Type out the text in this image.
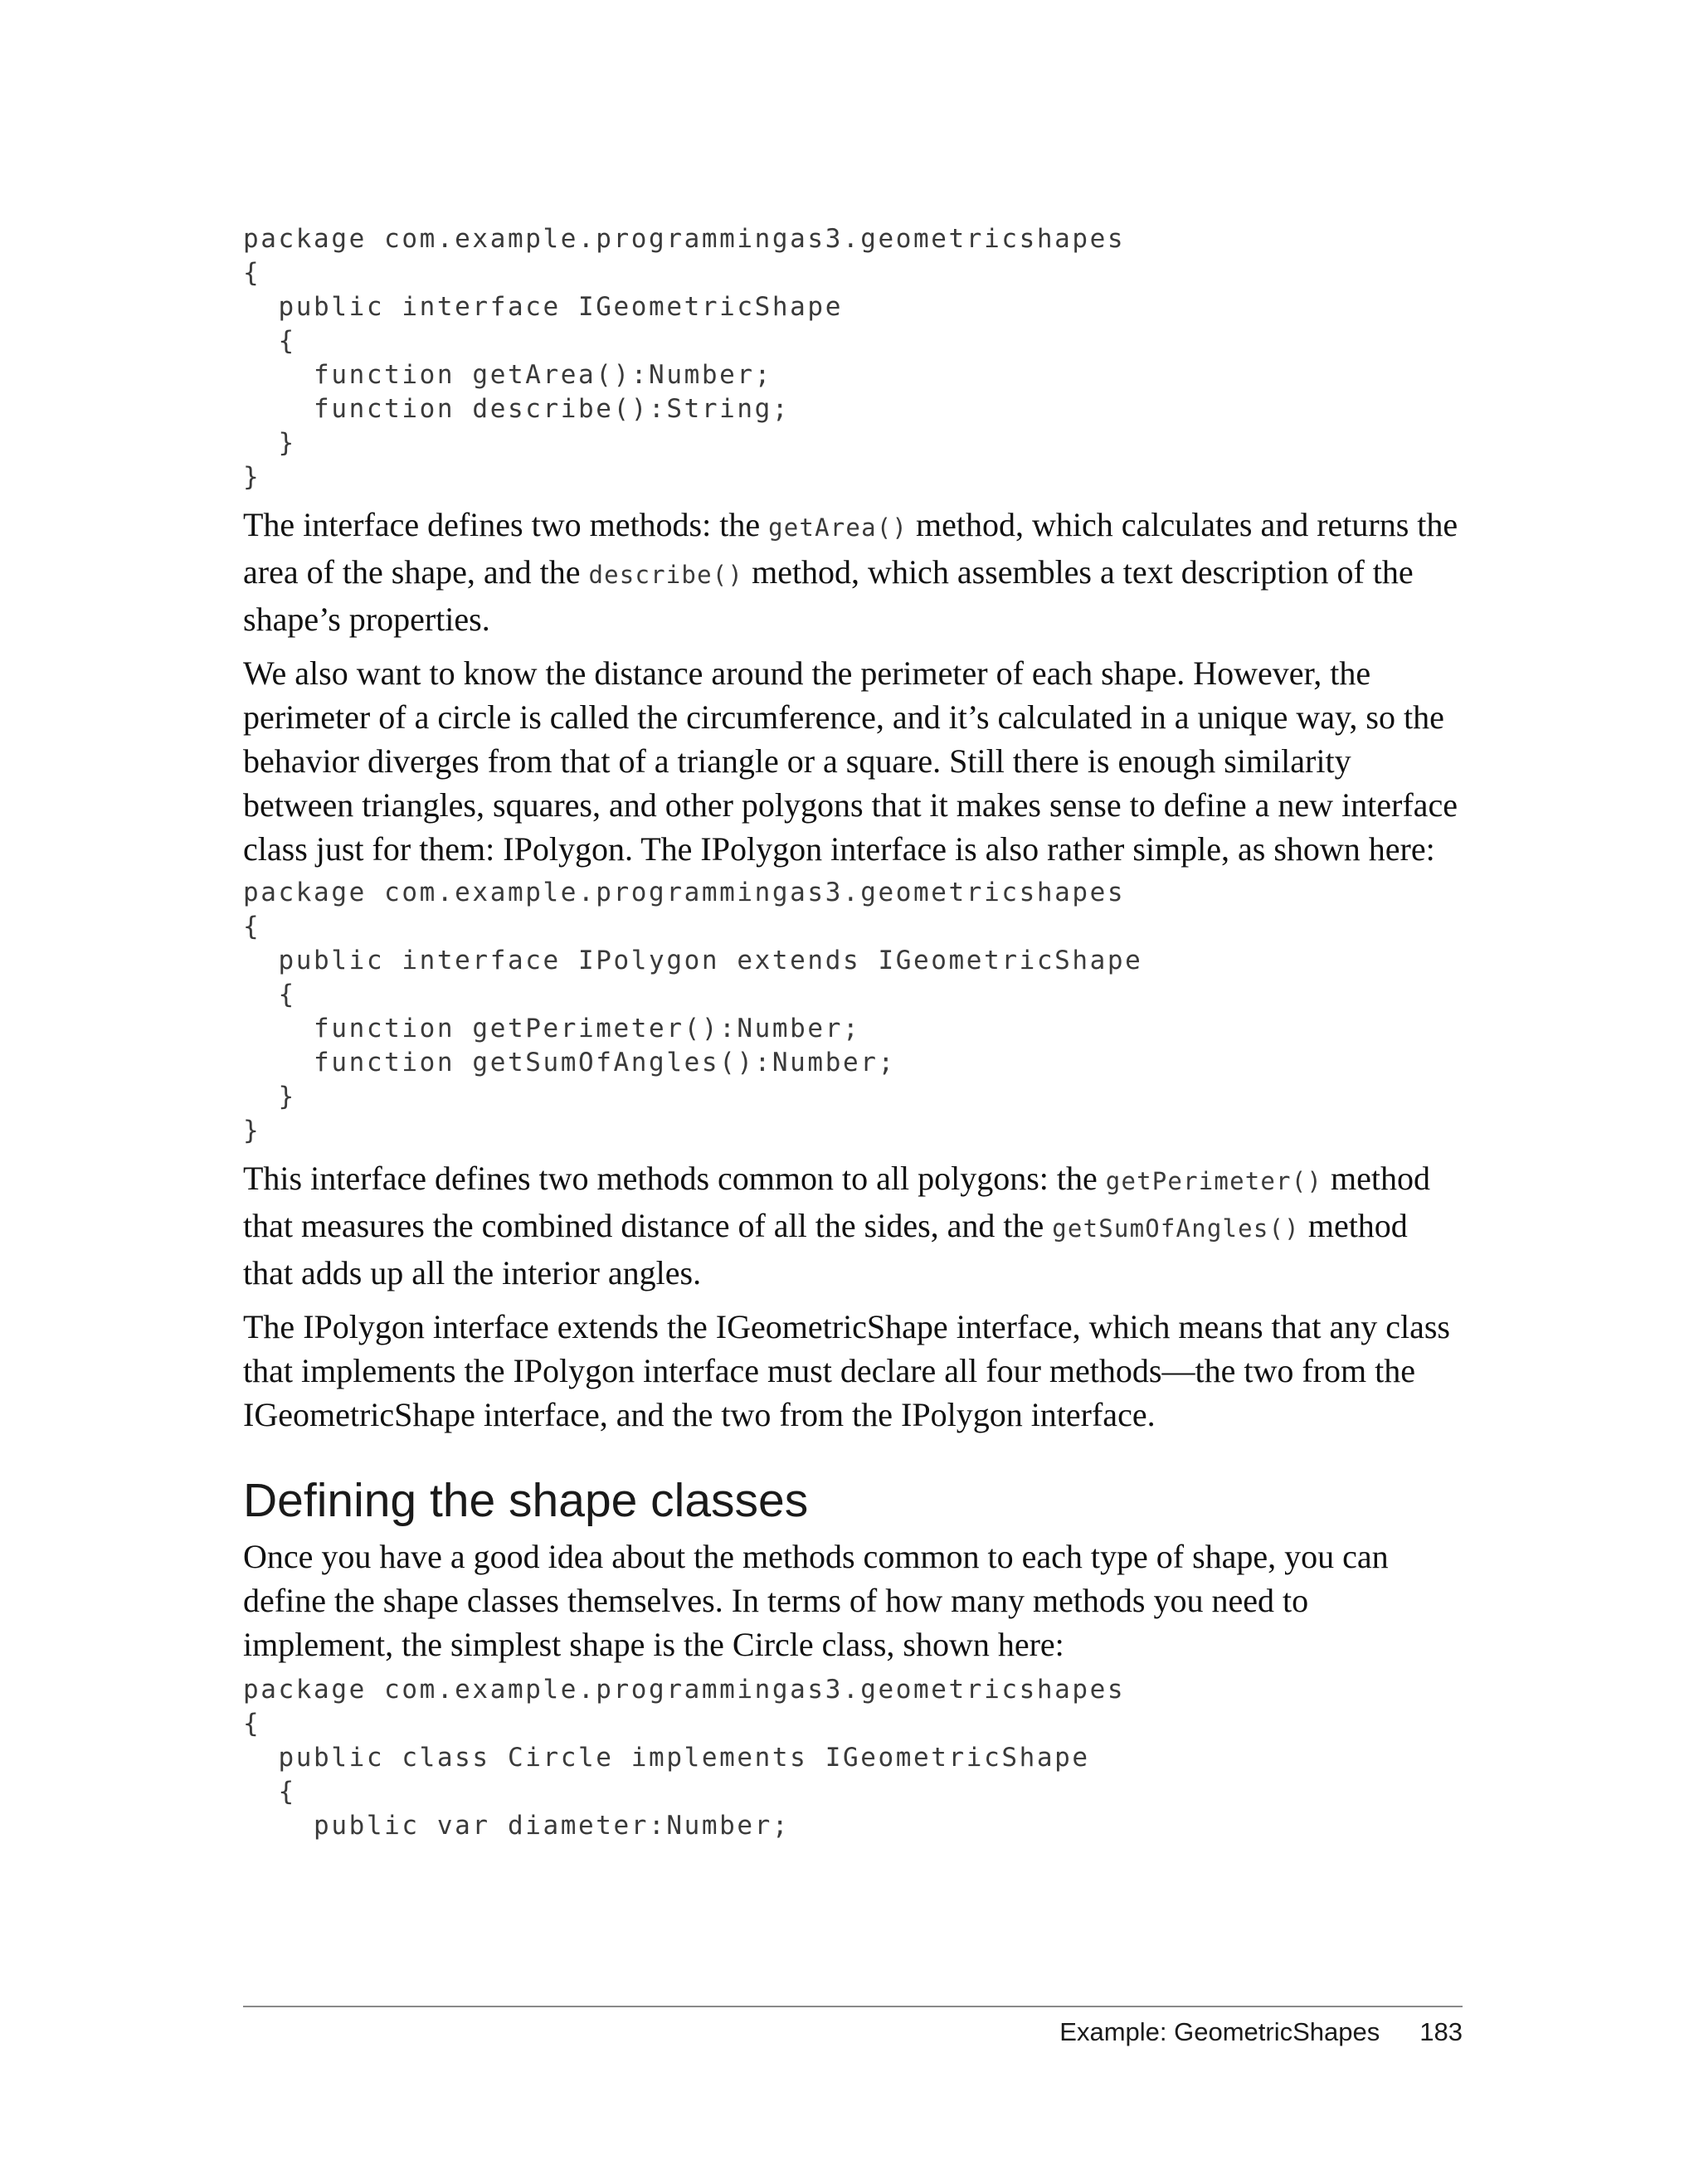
package com.example.programmingas3.geometricshapes
{
public interface IGeometricShape
{
function getArea():Number;
function describe():String;
}
}

The interface defines two methods: the getArea() method, which calculates and returns the area of the shape, and the describe() method, which assembles a text description of the shape’s properties.

We also want to know the distance around the perimeter of each shape. However, the perimeter of a circle is called the circumference, and it’s calculated in a unique way, so the behavior diverges from that of a triangle or a square. Still there is enough similarity between triangles, squares, and other polygons that it makes sense to define a new interface class just for them: IPolygon. The IPolygon interface is also rather simple, as shown here:

package com.example.programmingas3.geometricshapes
{
public interface IPolygon extends IGeometricShape
{
function getPerimeter():Number;
function getSumOfAngles():Number;
}
}

This interface defines two methods common to all polygons: the getPerimeter() method that measures the combined distance of all the sides, and the getSumOfAngles() method that adds up all the interior angles.

The IPolygon interface extends the IGeometricShape interface, which means that any class that implements the IPolygon interface must declare all four methods—the two from the IGeometricShape interface, and the two from the IPolygon interface.

Defining the shape classes

Once you have a good idea about the methods common to each type of shape, you can define the shape classes themselves. In terms of how many methods you need to implement, the simplest shape is the Circle class, shown here:

package com.example.programmingas3.geometricshapes
{
public class Circle implements IGeometricShape
{
public var diameter:Number;
Example: GeometricShapes 183
